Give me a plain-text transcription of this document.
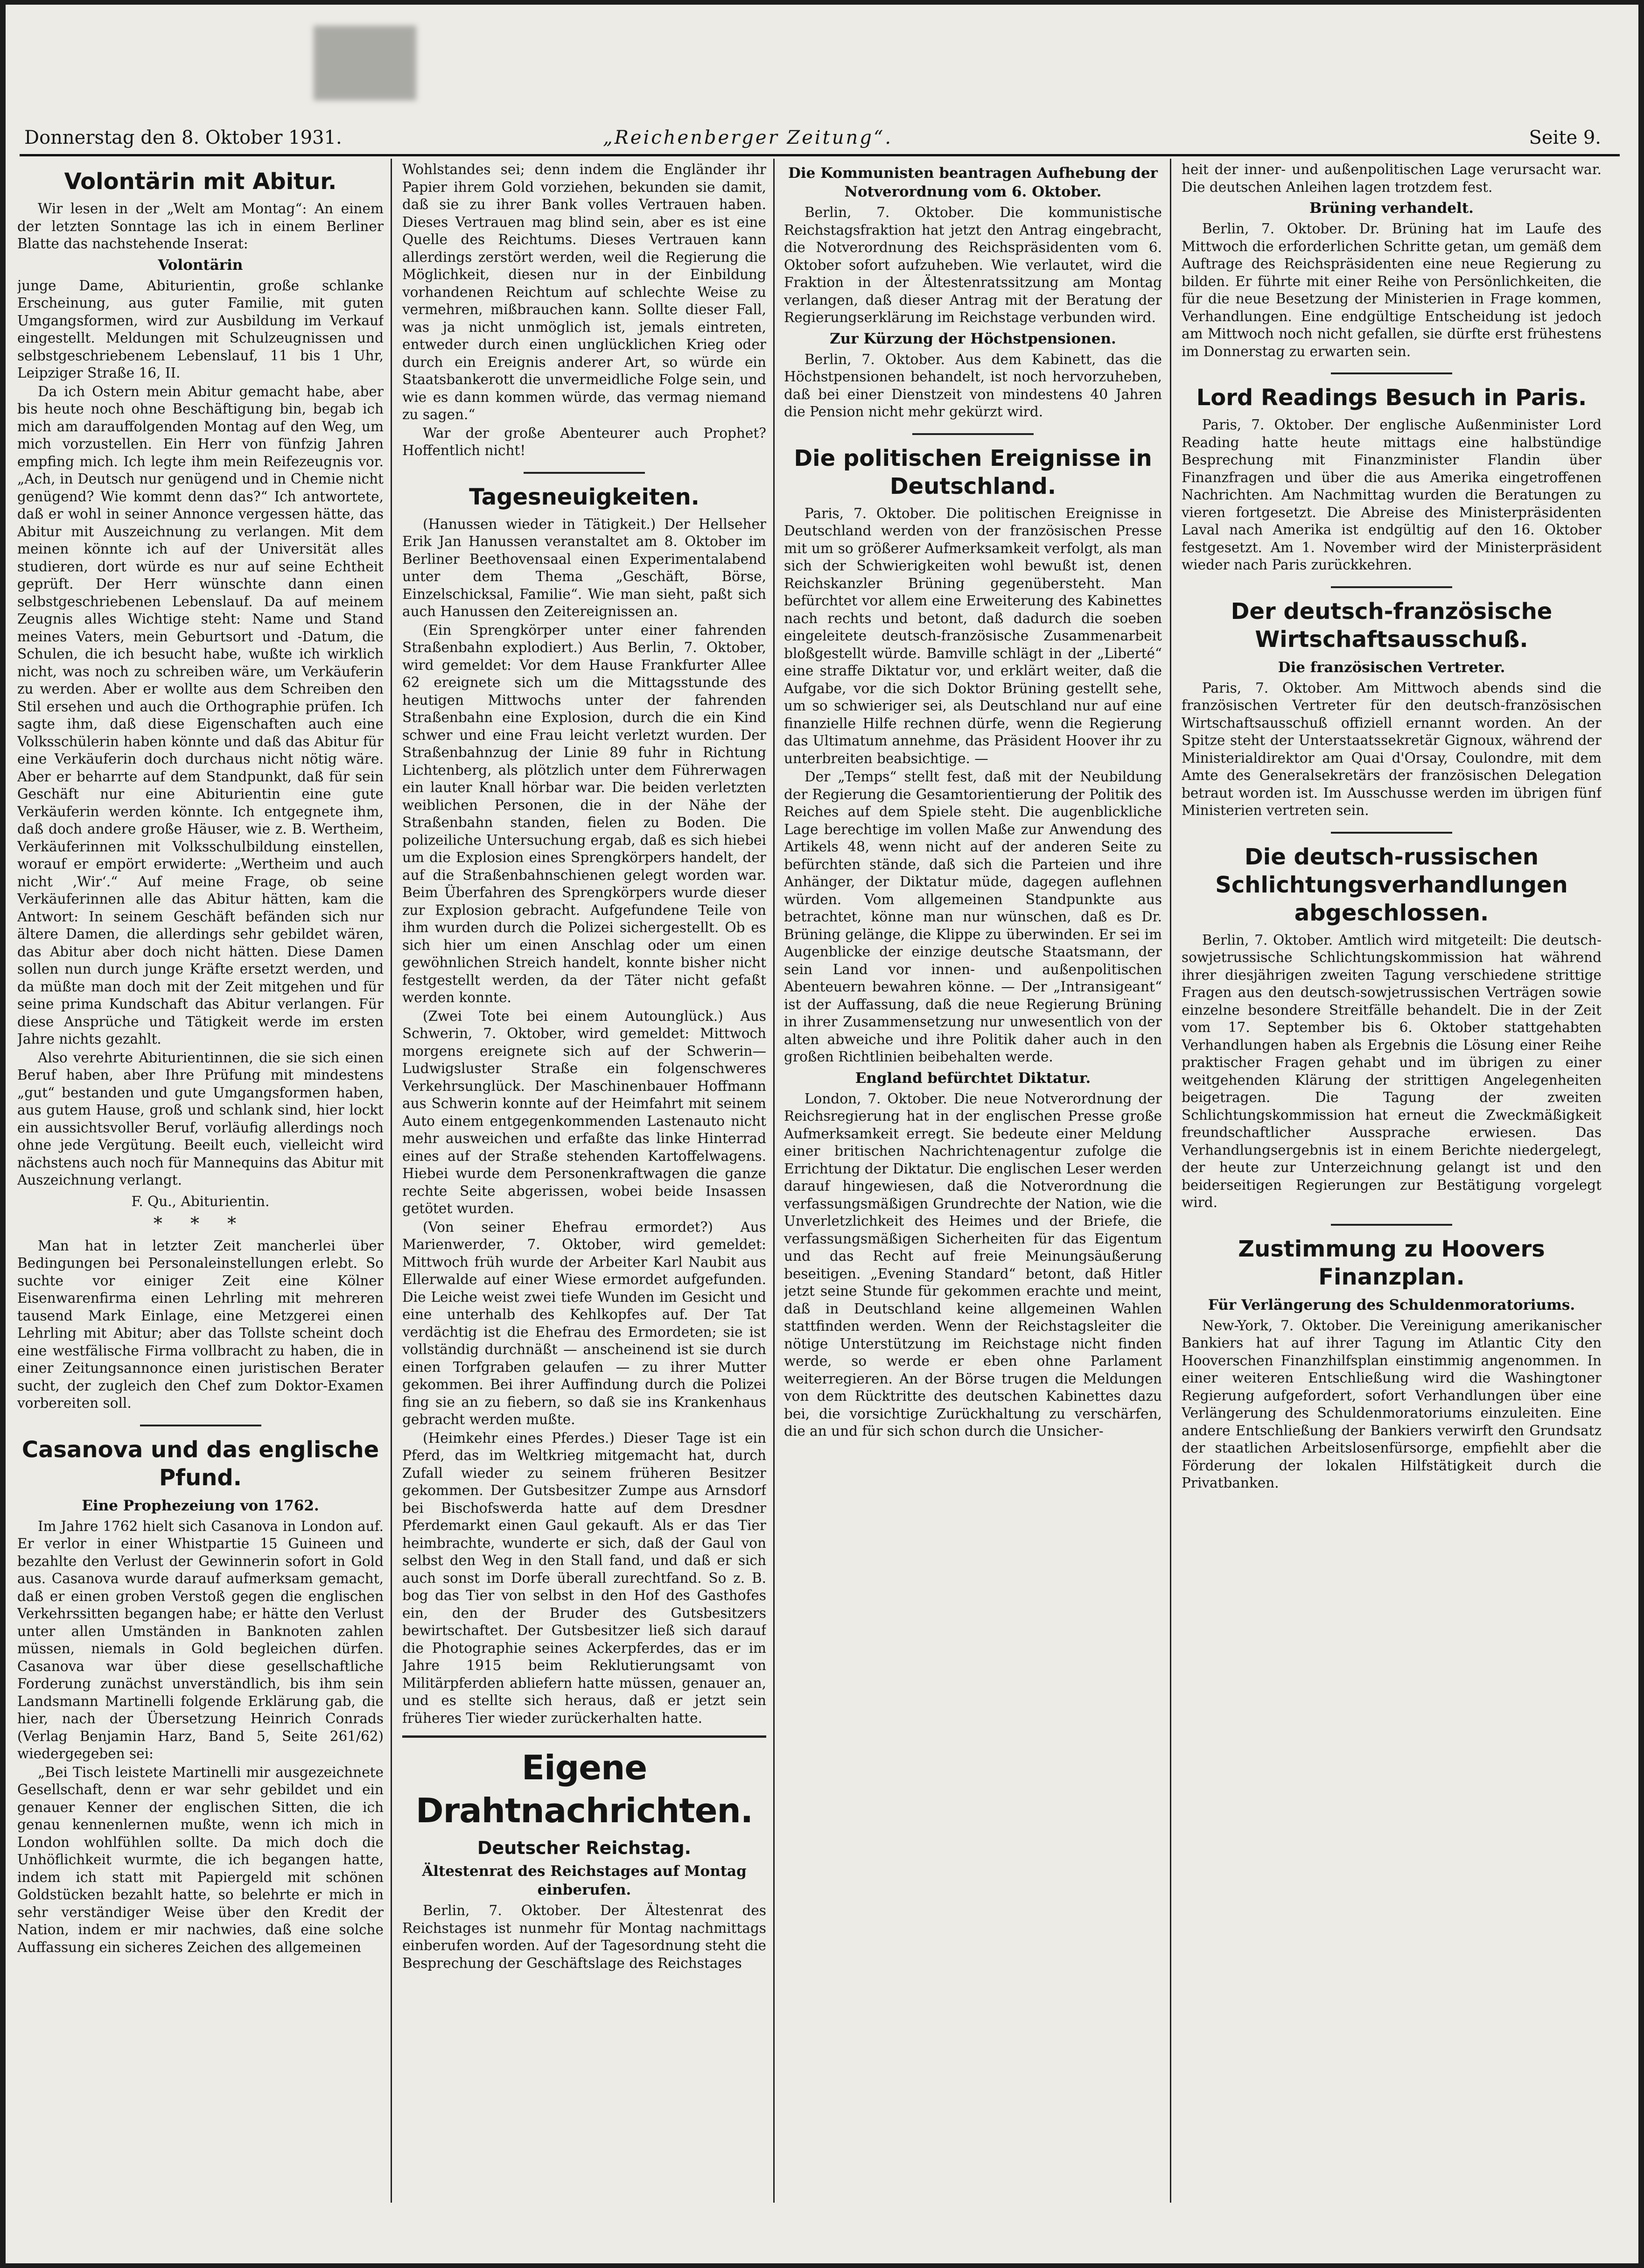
Donnerstag den 8. Oktober 1931.	„Reichenberger Zeitung“.	Seite 9.
Volontärin mit Abitur.

Wir lesen in der „Welt am Montag“: An einem der letzten Sonntage las ich in einem Berliner Blatte das nachstehende Inserat:

Volontärin

junge Dame, Abiturientin, große schlanke Erscheinung, aus guter Familie, mit guten Umgangsformen, wird zur Ausbildung im Verkauf eingestellt. Meldungen mit Schulzeugnissen und selbstgeschriebenem Lebenslauf, 11 bis 1 Uhr, Leipziger Straße 16, II.

Da ich Ostern mein Abitur gemacht habe, aber bis heute noch ohne Beschäftigung bin, begab ich mich am darauffolgenden Montag auf den Weg, um mich vorzustellen. Ein Herr von fünfzig Jahren empfing mich. Ich legte ihm mein Reifezeugnis vor. „Ach, in Deutsch nur genügend und in Chemie nicht genügend? Wie kommt denn das?“ Ich antwortete, daß er wohl in seiner Annonce vergessen hätte, das Abitur mit Auszeichnung zu verlangen. Mit dem meinen könnte ich auf der Universität alles studieren, dort würde es nur auf seine Echtheit geprüft. Der Herr wünschte dann einen selbstgeschriebenen Lebenslauf. Da auf meinem Zeugnis alles Wichtige steht: Name und Stand meines Vaters, mein Geburtsort und -Datum, die Schulen, die ich besucht habe, wußte ich wirklich nicht, was noch zu schreiben wäre, um Verkäuferin zu werden. Aber er wollte aus dem Schreiben den Stil ersehen und auch die Orthographie prüfen. Ich sagte ihm, daß diese Eigenschaften auch eine Volksschülerin haben könnte und daß das Abitur für eine Verkäuferin doch durchaus nicht nötig wäre. Aber er beharrte auf dem Standpunkt, daß für sein Geschäft nur eine Abiturientin eine gute Verkäuferin werden könnte. Ich entgegnete ihm, daß doch andere große Häuser, wie z. B. Wertheim, Verkäuferinnen mit Volksschulbildung einstellen, worauf er empört erwiderte: „Wertheim und auch nicht ‚Wir‘.“ Auf meine Frage, ob seine Verkäuferinnen alle das Abitur hätten, kam die Antwort: In seinem Geschäft befänden sich nur ältere Damen, die allerdings sehr gebildet wären, das Abitur aber doch nicht hätten. Diese Damen sollen nun durch junge Kräfte ersetzt werden, und da müßte man doch mit der Zeit mitgehen und für seine prima Kundschaft das Abitur verlangen. Für diese Ansprüche und Tätigkeit werde im ersten Jahre nichts gezahlt.

Also verehrte Abiturientinnen, die sie sich einen Beruf haben, aber Ihre Prüfung mit mindestens „gut“ bestanden und gute Umgangsformen haben, aus gutem Hause, groß und schlank sind, hier lockt ein aussichtsvoller Beruf, vorläufig allerdings noch ohne jede Vergütung. Beeilt euch, vielleicht wird nächstens auch noch für Mannequins das Abitur mit Auszeichnung verlangt.

F. Qu., Abiturientin.
* * *

Man hat in letzter Zeit mancherlei über Bedingungen bei Personaleinstellungen erlebt. So suchte vor einiger Zeit eine Kölner Eisenwarenfirma einen Lehrling mit mehreren tausend Mark Einlage, eine Metzgerei einen Lehrling mit Abitur; aber das Tollste scheint doch eine westfälische Firma vollbracht zu haben, die in einer Zeitungsannonce einen juristischen Berater sucht, der zugleich den Chef zum Doktor-Examen vorbereiten soll.

Casanova und das englische Pfund.
Eine Prophezeiung von 1762.

Im Jahre 1762 hielt sich Casanova in London auf. Er verlor in einer Whistpartie 15 Guineen und bezahlte den Verlust der Gewinnerin sofort in Gold aus. Casanova wurde darauf aufmerksam gemacht, daß er einen groben Verstoß gegen die englischen Verkehrssitten begangen habe; er hätte den Verlust unter allen Umständen in Banknoten zahlen müssen, niemals in Gold begleichen dürfen. Casanova war über diese gesellschaftliche Forderung zunächst unverständlich, bis ihm sein Landsmann Martinelli folgende Erklärung gab, die hier, nach der Übersetzung Heinrich Conrads (Verlag Benjamin Harz, Band 5, Seite 261/62) wiedergegeben sei:

„Bei Tisch leistete Martinelli mir ausgezeichnete Gesellschaft, denn er war sehr gebildet und ein genauer Kenner der englischen Sitten, die ich genau kennenlernen mußte, wenn ich mich in London wohlfühlen sollte. Da mich doch die Unhöflichkeit wurmte, die ich begangen hatte, indem ich statt mit Papiergeld mit schönen Goldstücken bezahlt hatte, so belehrte er mich in sehr verständiger Weise über den Kredit der Nation, indem er mir nachwies, daß eine solche Auffassung ein sicheres Zeichen des allgemeinen

Wohlstandes sei; denn indem die Engländer ihr Papier ihrem Gold vorziehen, bekunden sie damit, daß sie zu ihrer Bank volles Vertrauen haben. Dieses Vertrauen mag blind sein, aber es ist eine Quelle des Reichtums. Dieses Vertrauen kann allerdings zerstört werden, weil die Regierung die Möglichkeit, diesen nur in der Einbildung vorhandenen Reichtum auf schlechte Weise zu vermehren, mißbrauchen kann. Sollte dieser Fall, was ja nicht unmöglich ist, jemals eintreten, entweder durch einen unglücklichen Krieg oder durch ein Ereignis anderer Art, so würde ein Staatsbankerott die unvermeidliche Folge sein, und wie es dann kommen würde, das vermag niemand zu sagen.“

War der große Abenteurer auch Prophet? Hoffentlich nicht!

Tagesneuigkeiten.

(Hanussen wieder in Tätigkeit.) Der Hellseher Erik Jan Hanussen veranstaltet am 8. Oktober im Berliner Beethovensaal einen Experimentalabend unter dem Thema „Geschäft, Börse, Einzelschicksal, Familie“. Wie man sieht, paßt sich auch Hanussen den Zeitereignissen an.

(Ein Sprengkörper unter einer fahrenden Straßenbahn explodiert.) Aus Berlin, 7. Oktober, wird gemeldet: Vor dem Hause Frankfurter Allee 62 ereignete sich um die Mittagsstunde des heutigen Mittwochs unter der fahrenden Straßenbahn eine Explosion, durch die ein Kind schwer und eine Frau leicht verletzt wurden. Der Straßenbahnzug der Linie 89 fuhr in Richtung Lichtenberg, als plötzlich unter dem Führerwagen ein lauter Knall hörbar war. Die beiden verletzten weiblichen Personen, die in der Nähe der Straßenbahn standen, fielen zu Boden. Die polizeiliche Untersuchung ergab, daß es sich hiebei um die Explosion eines Sprengkörpers handelt, der auf die Straßenbahnschienen gelegt worden war. Beim Überfahren des Sprengkörpers wurde dieser zur Explosion gebracht. Aufgefundene Teile von ihm wurden durch die Polizei sichergestellt. Ob es sich hier um einen Anschlag oder um einen gewöhnlichen Streich handelt, konnte bisher nicht festgestellt werden, da der Täter nicht gefaßt werden konnte.

(Zwei Tote bei einem Autounglück.) Aus Schwerin, 7. Oktober, wird gemeldet: Mittwoch morgens ereignete sich auf der Schwerin—Ludwigsluster Straße ein folgenschweres Verkehrsunglück. Der Maschinenbauer Hoffmann aus Schwerin konnte auf der Heimfahrt mit seinem Auto einem entgegenkommenden Lastenauto nicht mehr ausweichen und erfaßte das linke Hinterrad eines auf der Straße stehenden Kartoffelwagens. Hiebei wurde dem Personenkraftwagen die ganze rechte Seite abgerissen, wobei beide Insassen getötet wurden.

(Von seiner Ehefrau ermordet?) Aus Marienwerder, 7. Oktober, wird gemeldet: Mittwoch früh wurde der Arbeiter Karl Naubit aus Ellerwalde auf einer Wiese ermordet aufgefunden. Die Leiche weist zwei tiefe Wunden im Gesicht und eine unterhalb des Kehlkopfes auf. Der Tat verdächtig ist die Ehefrau des Ermordeten; sie ist vollständig durchnäßt — anscheinend ist sie durch einen Torfgraben gelaufen — zu ihrer Mutter gekommen. Bei ihrer Auffindung durch die Polizei fing sie an zu fiebern, so daß sie ins Krankenhaus gebracht werden mußte.

(Heimkehr eines Pferdes.) Dieser Tage ist ein Pferd, das im Weltkrieg mitgemacht hat, durch Zufall wieder zu seinem früheren Besitzer gekommen. Der Gutsbesitzer Zumpe aus Arnsdorf bei Bischofswerda hatte auf dem Dresdner Pferdemarkt einen Gaul gekauft. Als er das Tier heimbrachte, wunderte er sich, daß der Gaul von selbst den Weg in den Stall fand, und daß er sich auch sonst im Dorfe überall zurechtfand. So z. B. bog das Tier von selbst in den Hof des Gasthofes ein, den der Bruder des Gutsbesitzers bewirtschaftet. Der Gutsbesitzer ließ sich darauf die Photographie seines Ackerpferdes, das er im Jahre 1915 beim Reklutierungsamt von Militärpferden abliefern hatte müssen, genauer an, und es stellte sich heraus, daß er jetzt sein früheres Tier wieder zurückerhalten hatte.

Eigene Drahtnachrichten.
Deutscher Reichstag.
Ältestenrat des Reichstages auf Montag einberufen.

Berlin, 7. Oktober. Der Ältestenrat des Reichstages ist nunmehr für Montag nachmittags einberufen worden. Auf der Tagesordnung steht die Besprechung der Geschäftslage des Reichstages

Die Kommunisten beantragen Aufhebung der Notverordnung vom 6. Oktober.

Berlin, 7. Oktober. Die kommunistische Reichstagsfraktion hat jetzt den Antrag eingebracht, die Notverordnung des Reichspräsidenten vom 6. Oktober sofort aufzuheben. Wie verlautet, wird die Fraktion in der Ältestenratssitzung am Montag verlangen, daß dieser Antrag mit der Beratung der Regierungserklärung im Reichstage verbunden wird.

Zur Kürzung der Höchstpensionen.

Berlin, 7. Oktober. Aus dem Kabinett, das die Höchstpensionen behandelt, ist noch hervorzuheben, daß bei einer Dienstzeit von mindestens 40 Jahren die Pension nicht mehr gekürzt wird.

Die politischen Ereignisse in Deutschland.

Paris, 7. Oktober. Die politischen Ereignisse in Deutschland werden von der französischen Presse mit um so größerer Aufmerksamkeit verfolgt, als man sich der Schwierigkeiten wohl bewußt ist, denen Reichskanzler Brüning gegenübersteht. Man befürchtet vor allem eine Erweiterung des Kabinettes nach rechts und betont, daß dadurch die soeben eingeleitete deutsch-französische Zusammenarbeit bloßgestellt würde. Bamville schlägt in der „Liberté“ eine straffe Diktatur vor, und erklärt weiter, daß die Aufgabe, vor die sich Doktor Brüning gestellt sehe, um so schwieriger sei, als Deutschland nur auf eine finanzielle Hilfe rechnen dürfe, wenn die Regierung das Ultimatum annehme, das Präsident Hoover ihr zu unterbreiten beabsichtige. —

Der „Temps“ stellt fest, daß mit der Neubildung der Regierung die Gesamtorientierung der Politik des Reiches auf dem Spiele steht. Die augenblickliche Lage berechtige im vollen Maße zur Anwendung des Artikels 48, wenn nicht auf der anderen Seite zu befürchten stände, daß sich die Parteien und ihre Anhänger, der Diktatur müde, dagegen auflehnen würden. Vom allgemeinen Standpunkte aus betrachtet, könne man nur wünschen, daß es Dr. Brüning gelänge, die Klippe zu überwinden. Er sei im Augenblicke der einzige deutsche Staatsmann, der sein Land vor innen- und außenpolitischen Abenteuern bewahren könne. — Der „Intransigeant“ ist der Auffassung, daß die neue Regierung Brüning in ihrer Zusammensetzung nur unwesentlich von der alten abweiche und ihre Politik daher auch in den großen Richtlinien beibehalten werde.

England befürchtet Diktatur.

London, 7. Oktober. Die neue Notverordnung der Reichsregierung hat in der englischen Presse große Aufmerksamkeit erregt. Sie bedeute einer Meldung einer britischen Nachrichtenagentur zufolge die Errichtung der Diktatur. Die englischen Leser werden darauf hingewiesen, daß die Notverordnung die verfassungsmäßigen Grundrechte der Nation, wie die Unverletzlichkeit des Heimes und der Briefe, die verfassungsmäßigen Sicherheiten für das Eigentum und das Recht auf freie Meinungsäußerung beseitigen. „Evening Standard“ betont, daß Hitler jetzt seine Stunde für gekommen erachte und meint, daß in Deutschland keine allgemeinen Wahlen stattfinden werden. Wenn der Reichstagsleiter die nötige Unterstützung im Reichstage nicht finden werde, so werde er eben ohne Parlament weiterregieren. An der Börse trugen die Meldungen von dem Rücktritte des deutschen Kabinettes dazu bei, die vorsichtige Zurückhaltung zu verschärfen, die an und für sich schon durch die Unsicher-

heit der inner- und außenpolitischen Lage verursacht war. Die deutschen Anleihen lagen trotzdem fest.

Brüning verhandelt.

Berlin, 7. Oktober. Dr. Brüning hat im Laufe des Mittwoch die erforderlichen Schritte getan, um gemäß dem Auftrage des Reichspräsidenten eine neue Regierung zu bilden. Er führte mit einer Reihe von Persönlichkeiten, die für die neue Besetzung der Ministerien in Frage kommen, Verhandlungen. Eine endgültige Entscheidung ist jedoch am Mittwoch noch nicht gefallen, sie dürfte erst frühestens im Donnerstag zu erwarten sein.

Lord Readings Besuch in Paris.

Paris, 7. Oktober. Der englische Außenminister Lord Reading hatte heute mittags eine halbstündige Besprechung mit Finanzminister Flandin über Finanzfragen und über die aus Amerika eingetroffenen Nachrichten. Am Nachmittag wurden die Beratungen zu vieren fortgesetzt. Die Abreise des Ministerpräsidenten Laval nach Amerika ist endgültig auf den 16. Oktober festgesetzt. Am 1. November wird der Ministerpräsident wieder nach Paris zurückkehren.

Der deutsch-französische Wirtschaftsausschuß.
Die französischen Vertreter.

Paris, 7. Oktober. Am Mittwoch abends sind die französischen Vertreter für den deutsch-französischen Wirtschaftsausschuß offiziell ernannt worden. An der Spitze steht der Unterstaatssekretär Gignoux, während der Ministerialdirektor am Quai d'Orsay, Coulondre, mit dem Amte des Generalsekretärs der französischen Delegation betraut worden ist. Im Ausschusse werden im übrigen fünf Ministerien vertreten sein.

Die deutsch-russischen Schlichtungsverhandlungen abgeschlossen.

Berlin, 7. Oktober. Amtlich wird mitgeteilt: Die deutsch-sowjetrussische Schlichtungskommission hat während ihrer diesjährigen zweiten Tagung verschiedene strittige Fragen aus den deutsch-sowjetrussischen Verträgen sowie einzelne besondere Streitfälle behandelt. Die in der Zeit vom 17. September bis 6. Oktober stattgehabten Verhandlungen haben als Ergebnis die Lösung einer Reihe praktischer Fragen gehabt und im übrigen zu einer weitgehenden Klärung der strittigen Angelegenheiten beigetragen. Die Tagung der zweiten Schlichtungskommission hat erneut die Zweckmäßigkeit freundschaftlicher Aussprache erwiesen. Das Verhandlungsergebnis ist in einem Berichte niedergelegt, der heute zur Unterzeichnung gelangt ist und den beiderseitigen Regierungen zur Bestätigung vorgelegt wird.

Zustimmung zu Hoovers Finanzplan.
Für Verlängerung des Schuldenmoratoriums.

New-York, 7. Oktober. Die Vereinigung amerikanischer Bankiers hat auf ihrer Tagung im Atlantic City den Hooverschen Finanzhilfsplan einstimmig angenommen. In einer weiteren Entschließung wird die Washingtoner Regierung aufgefordert, sofort Verhandlungen über eine Verlängerung des Schuldenmoratoriums einzuleiten. Eine andere Entschließung der Bankiers verwirft den Grundsatz der staatlichen Arbeitslosenfürsorge, empfiehlt aber die Förderung der lokalen Hilfstätigkeit durch die Privatbanken.
